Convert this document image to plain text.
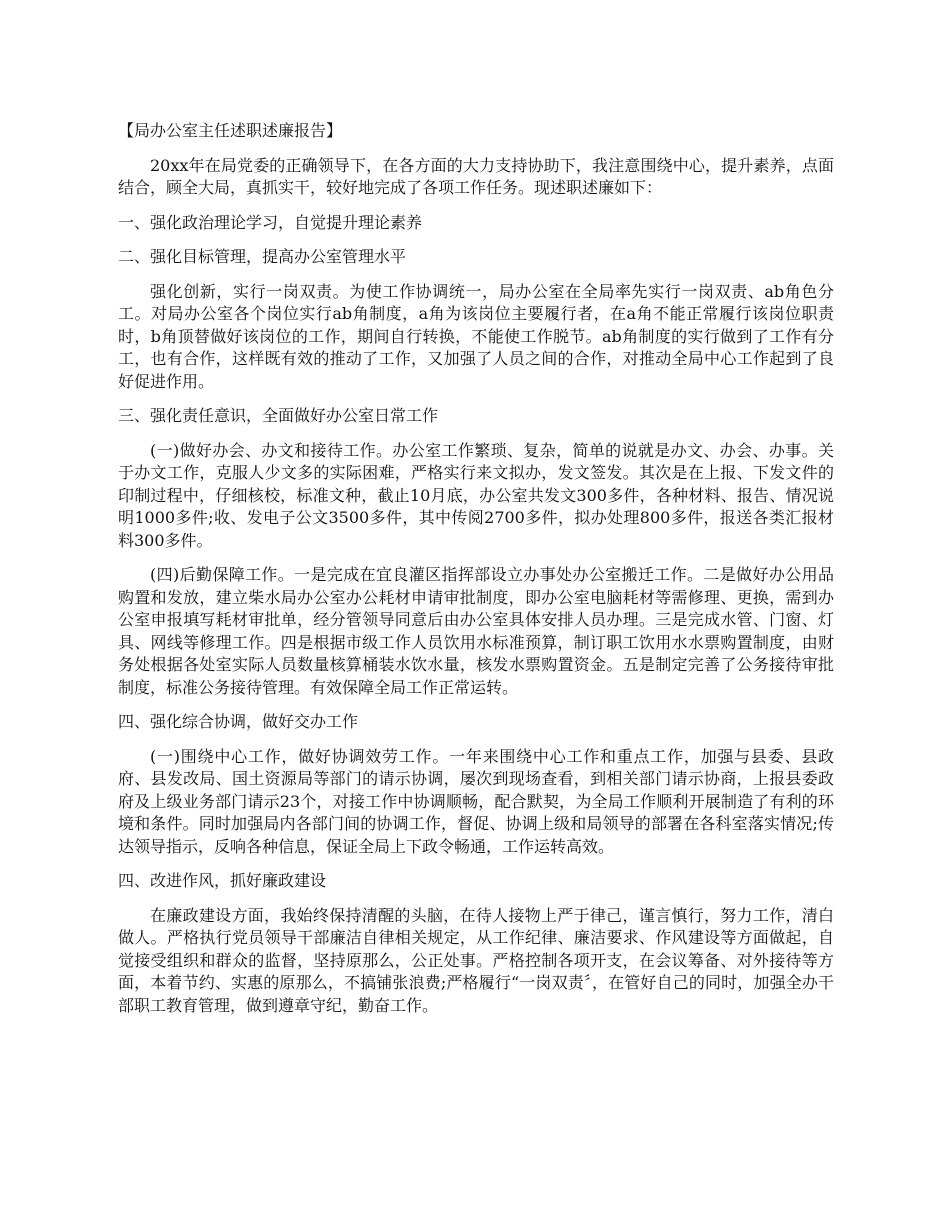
【局办公室主任述职述廉报告】

20xx年在局党委的正确领导下，在各方面的大力支持协助下，我注意围绕中心，提升素养，点面结合，顾全大局，真抓实干，较好地完成了各项工作任务。现述职述廉如下：

一、强化政治理论学习，自觉提升理论素养

二、强化目标管理，提高办公室管理水平

强化创新，实行一岗双责。为使工作协调统一，局办公室在全局率先实行一岗双责、ab角色分工。对局办公室各个岗位实行ab角制度，a角为该岗位主要履行者，在a角不能正常履行该岗位职责时，b角顶替做好该岗位的工作，期间自行转换，不能使工作脱节。ab角制度的实行做到了工作有分工，也有合作，这样既有效的推动了工作，又加强了人员之间的合作，对推动全局中心工作起到了良好促进作用。

三、强化责任意识，全面做好办公室日常工作

(一)做好办会、办文和接待工作。办公室工作繁琐、复杂，简单的说就是办文、办会、办事。关于办文工作，克服人少文多的实际困难，严格实行来文拟办，发文签发。其次是在上报、下发文件的印制过程中，仔细核校，标准文种，截止10月底，办公室共发文300多件，各种材料、报告、情况说明1000多件;收、发电子公文3500多件，其中传阅2700多件，拟办处理800多件，报送各类汇报材料300多件。

(四)后勤保障工作。一是完成在宜良灌区指挥部设立办事处办公室搬迁工作。二是做好办公用品购置和发放，建立柴水局办公室办公耗材申请审批制度，即办公室电脑耗材等需修理、更换，需到办公室申报填写耗材审批单，经分管领导同意后由办公室具体安排人员办理。三是完成水管、门窗、灯具、网线等修理工作。四是根据市级工作人员饮用水标准预算，制订职工饮用水水票购置制度，由财务处根据各处室实际人员数量核算桶装水饮水量，核发水票购置资金。五是制定完善了公务接待审批制度，标准公务接待管理。有效保障全局工作正常运转。

四、强化综合协调，做好交办工作

(一)围绕中心工作，做好协调效劳工作。一年来围绕中心工作和重点工作，加强与县委、县政府、县发改局、国土资源局等部门的请示协调，屡次到现场查看，到相关部门请示协商，上报县委政府及上级业务部门请示23个，对接工作中协调顺畅，配合默契，为全局工作顺利开展制造了有利的环境和条件。同时加强局内各部门间的协调工作，督促、协调上级和局领导的部署在各科室落实情况;传达领导指示，反响各种信息，保证全局上下政令畅通，工作运转高效。

四、改进作风，抓好廉政建设

在廉政建设方面，我始终保持清醒的头脑，在待人接物上严于律己，谨言慎行，努力工作，清白做人。严格执行党员领导干部廉洁自律相关规定，从工作纪律、廉洁要求、作风建设等方面做起，自觉接受组织和群众的监督，坚持原那么，公正处事。严格控制各项开支，在会议筹备、对外接待等方面，本着节约、实惠的原那么，不搞铺张浪费;严格履行“一岗双责〞，在管好自己的同时，加强全办干部职工教育管理，做到遵章守纪，勤奋工作。
